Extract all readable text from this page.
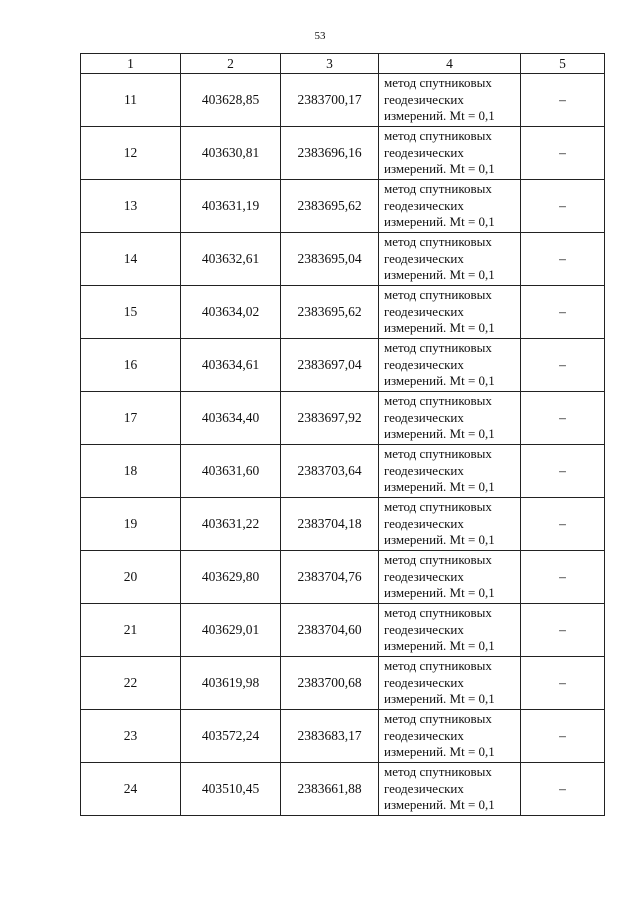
53
1	2	3	4	5
11	403628,85	2383700,17	метод спутниковых
геодезических
измерений. Mt = 0,1	–
12	403630,81	2383696,16	метод спутниковых
геодезических
измерений. Mt = 0,1	–
13	403631,19	2383695,62	метод спутниковых
геодезических
измерений. Mt = 0,1	–
14	403632,61	2383695,04	метод спутниковых
геодезических
измерений. Mt = 0,1	–
15	403634,02	2383695,62	метод спутниковых
геодезических
измерений. Mt = 0,1	–
16	403634,61	2383697,04	метод спутниковых
геодезических
измерений. Mt = 0,1	–
17	403634,40	2383697,92	метод спутниковых
геодезических
измерений. Mt = 0,1	–
18	403631,60	2383703,64	метод спутниковых
геодезических
измерений. Mt = 0,1	–
19	403631,22	2383704,18	метод спутниковых
геодезических
измерений. Mt = 0,1	–
20	403629,80	2383704,76	метод спутниковых
геодезических
измерений. Mt = 0,1	–
21	403629,01	2383704,60	метод спутниковых
геодезических
измерений. Mt = 0,1	–
22	403619,98	2383700,68	метод спутниковых
геодезических
измерений. Mt = 0,1	–
23	403572,24	2383683,17	метод спутниковых
геодезических
измерений. Mt = 0,1	–
24	403510,45	2383661,88	метод спутниковых
геодезических
измерений. Mt = 0,1	–
